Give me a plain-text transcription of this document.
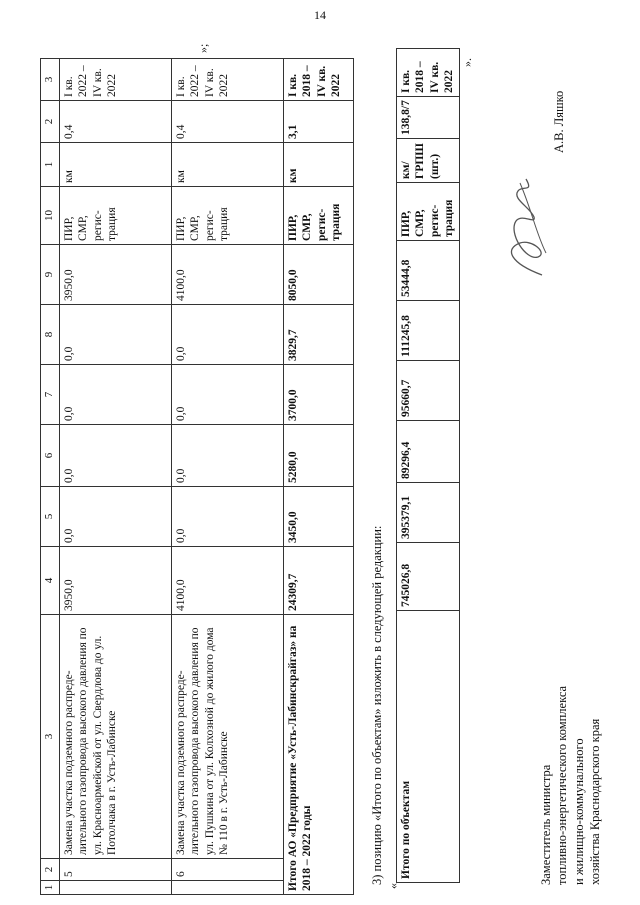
14
1	2	3	4	5	6	7	8	9	10	1	2	3
	5	Замена участка подземного распреде-лительного газопровода высокого давления по ул. Красноармейской от ул. Свердлова до ул. Потолчака в г. Усть-Лабинске	3950,0	0,0	0,0	0,0	0,0	3950,0	ПИР, СМР, регис-трация	км	0,4	I кв. 2022 – IV кв. 2022
	6	Замена участка подземного распреде-лительного газопровода высокого давления по ул. Пушкина от ул. Колхозной до жилого дома № 110 в г. Усть-Лабинске	4100,0	0,0	0,0	0,0	0,0	4100,0	ПИР, СМР, регис-трация	км	0,4	I кв. 2022 – IV кв. 2022
Итого АО «Предприятие «Усть-Лабинскрайгаз» на 2018 – 2022 годы			24309,7	3450,0	5280,0	3700,0	3829,7	8050,0	ПИР, СМР, регис-трация	км	3,1	I кв. 2018 – IV кв. 2022
»;
3) позицию «Итого по объектам» изложить в следующей редакции:
«
Итого по объектам	745026,8	395379,1	89296,4	95660,7	111245,8	53444,8	ПИР, СМР, регис-трация	км/ ГРПШ (шт.)	138,8/7	I кв. 2018 – IV кв. 2022
».
Заместитель министра топливно-энергетического комплекса и жилищно-коммунального хозяйства Краснодарского края
А.В. Ляшко
